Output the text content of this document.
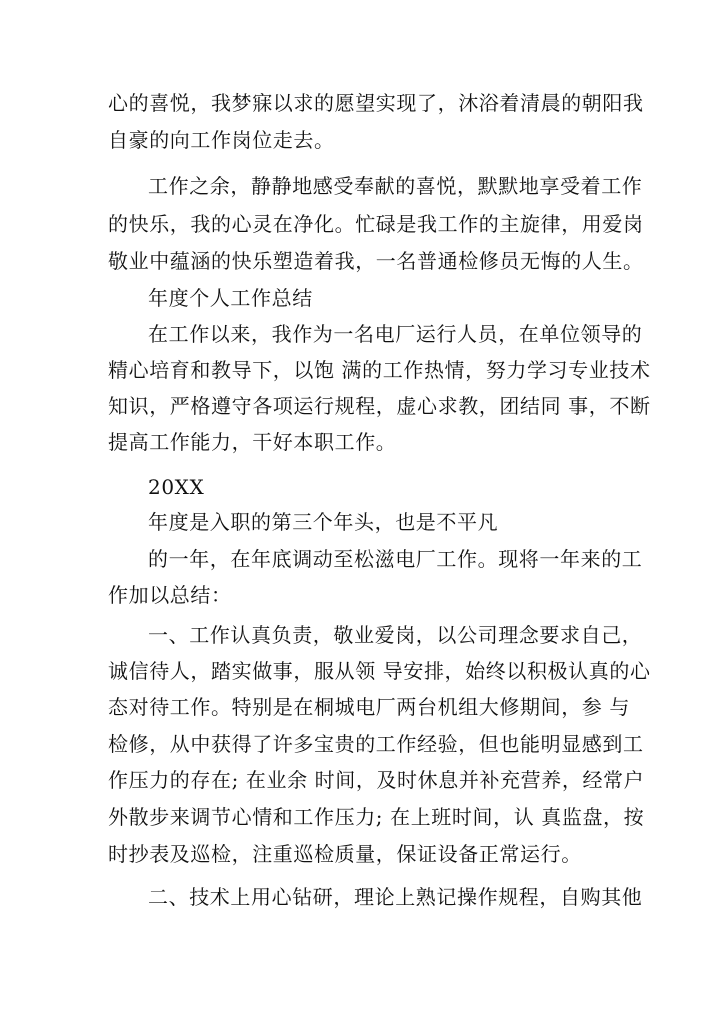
心的喜悦，我梦寐以求的愿望实现了，沐浴着清晨的朝阳我
自豪的向工作岗位走去。
工作之余，静静地感受奉献的喜悦，默默地享受着工作
的快乐，我的心灵在净化。忙碌是我工作的主旋律，用爱岗
敬业中蕴涵的快乐塑造着我，一名普通检修员无悔的人生。
年度个人工作总结
在工作以来，我作为一名电厂运行人员，在单位领导的
精心培育和教导下，以饱 满的工作热情，努力学习专业技术
知识，严格遵守各项运行规程，虚心求教，团结同 事，不断
提高工作能力，干好本职工作。
20XX
年度是入职的第三个年头，也是不平凡
的一年，在年底调动至松滋电厂工作。现将一年来的工
作加以总结：
一、工作认真负责，敬业爱岗，以公司理念要求自己，
诚信待人，踏实做事，服从领 导安排，始终以积极认真的心
态对待工作。特别是在桐城电厂两台机组大修期间，参 与
检修，从中获得了许多宝贵的工作经验，但也能明显感到工
作压力的存在; 在业余 时间，及时休息并补充营养，经常户
外散步来调节心情和工作压力; 在上班时间，认 真监盘，按
时抄表及巡检，注重巡检质量，保证设备正常运行。
二、技术上用心钻研，理论上熟记操作规程，自购其他
